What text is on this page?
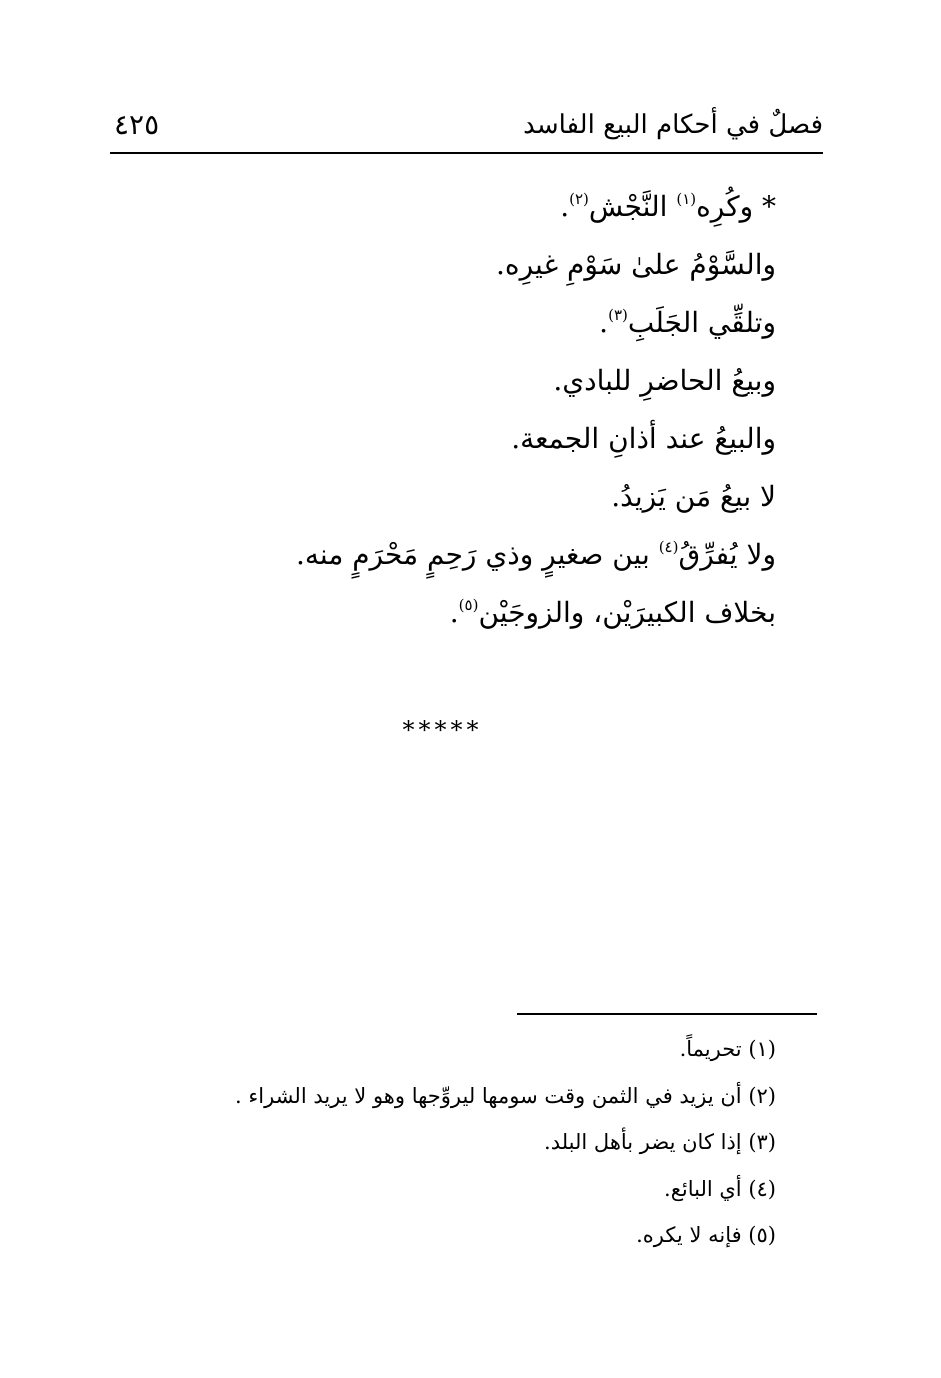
فصلٌ في أحكام البيع الفاسد
٤٢٥
* وكُرِه$^{(١)}$ النَّجْش$^{(٢)}$.
والسَّوْمُ علىٰ سَوْمِ غيرِه.
وتلقِّي الجَلَبِ$^{(٣)}$.
وبيعُ الحاضرِ للبادي.
والبيعُ عند أذانِ الجمعة.
لا بيعُ مَن يَزيدُ.
ولا يُفرِّقُ$^{(٤)}$ بين صغيرٍ وذي رَحِمٍ مَحْرَمٍ منه.
بخلاف الكبيرَيْن، والزوجَيْن$^{(٥)}$.
*****
(١) تحريماً.
(٢) أن يزيد في الثمن وقت سومها ليروِّجها وهو لا يريد الشراء .
(٣) إذا كان يضر بأهل البلد.
(٤) أي البائع.
(٥) فإنه لا يكره.
